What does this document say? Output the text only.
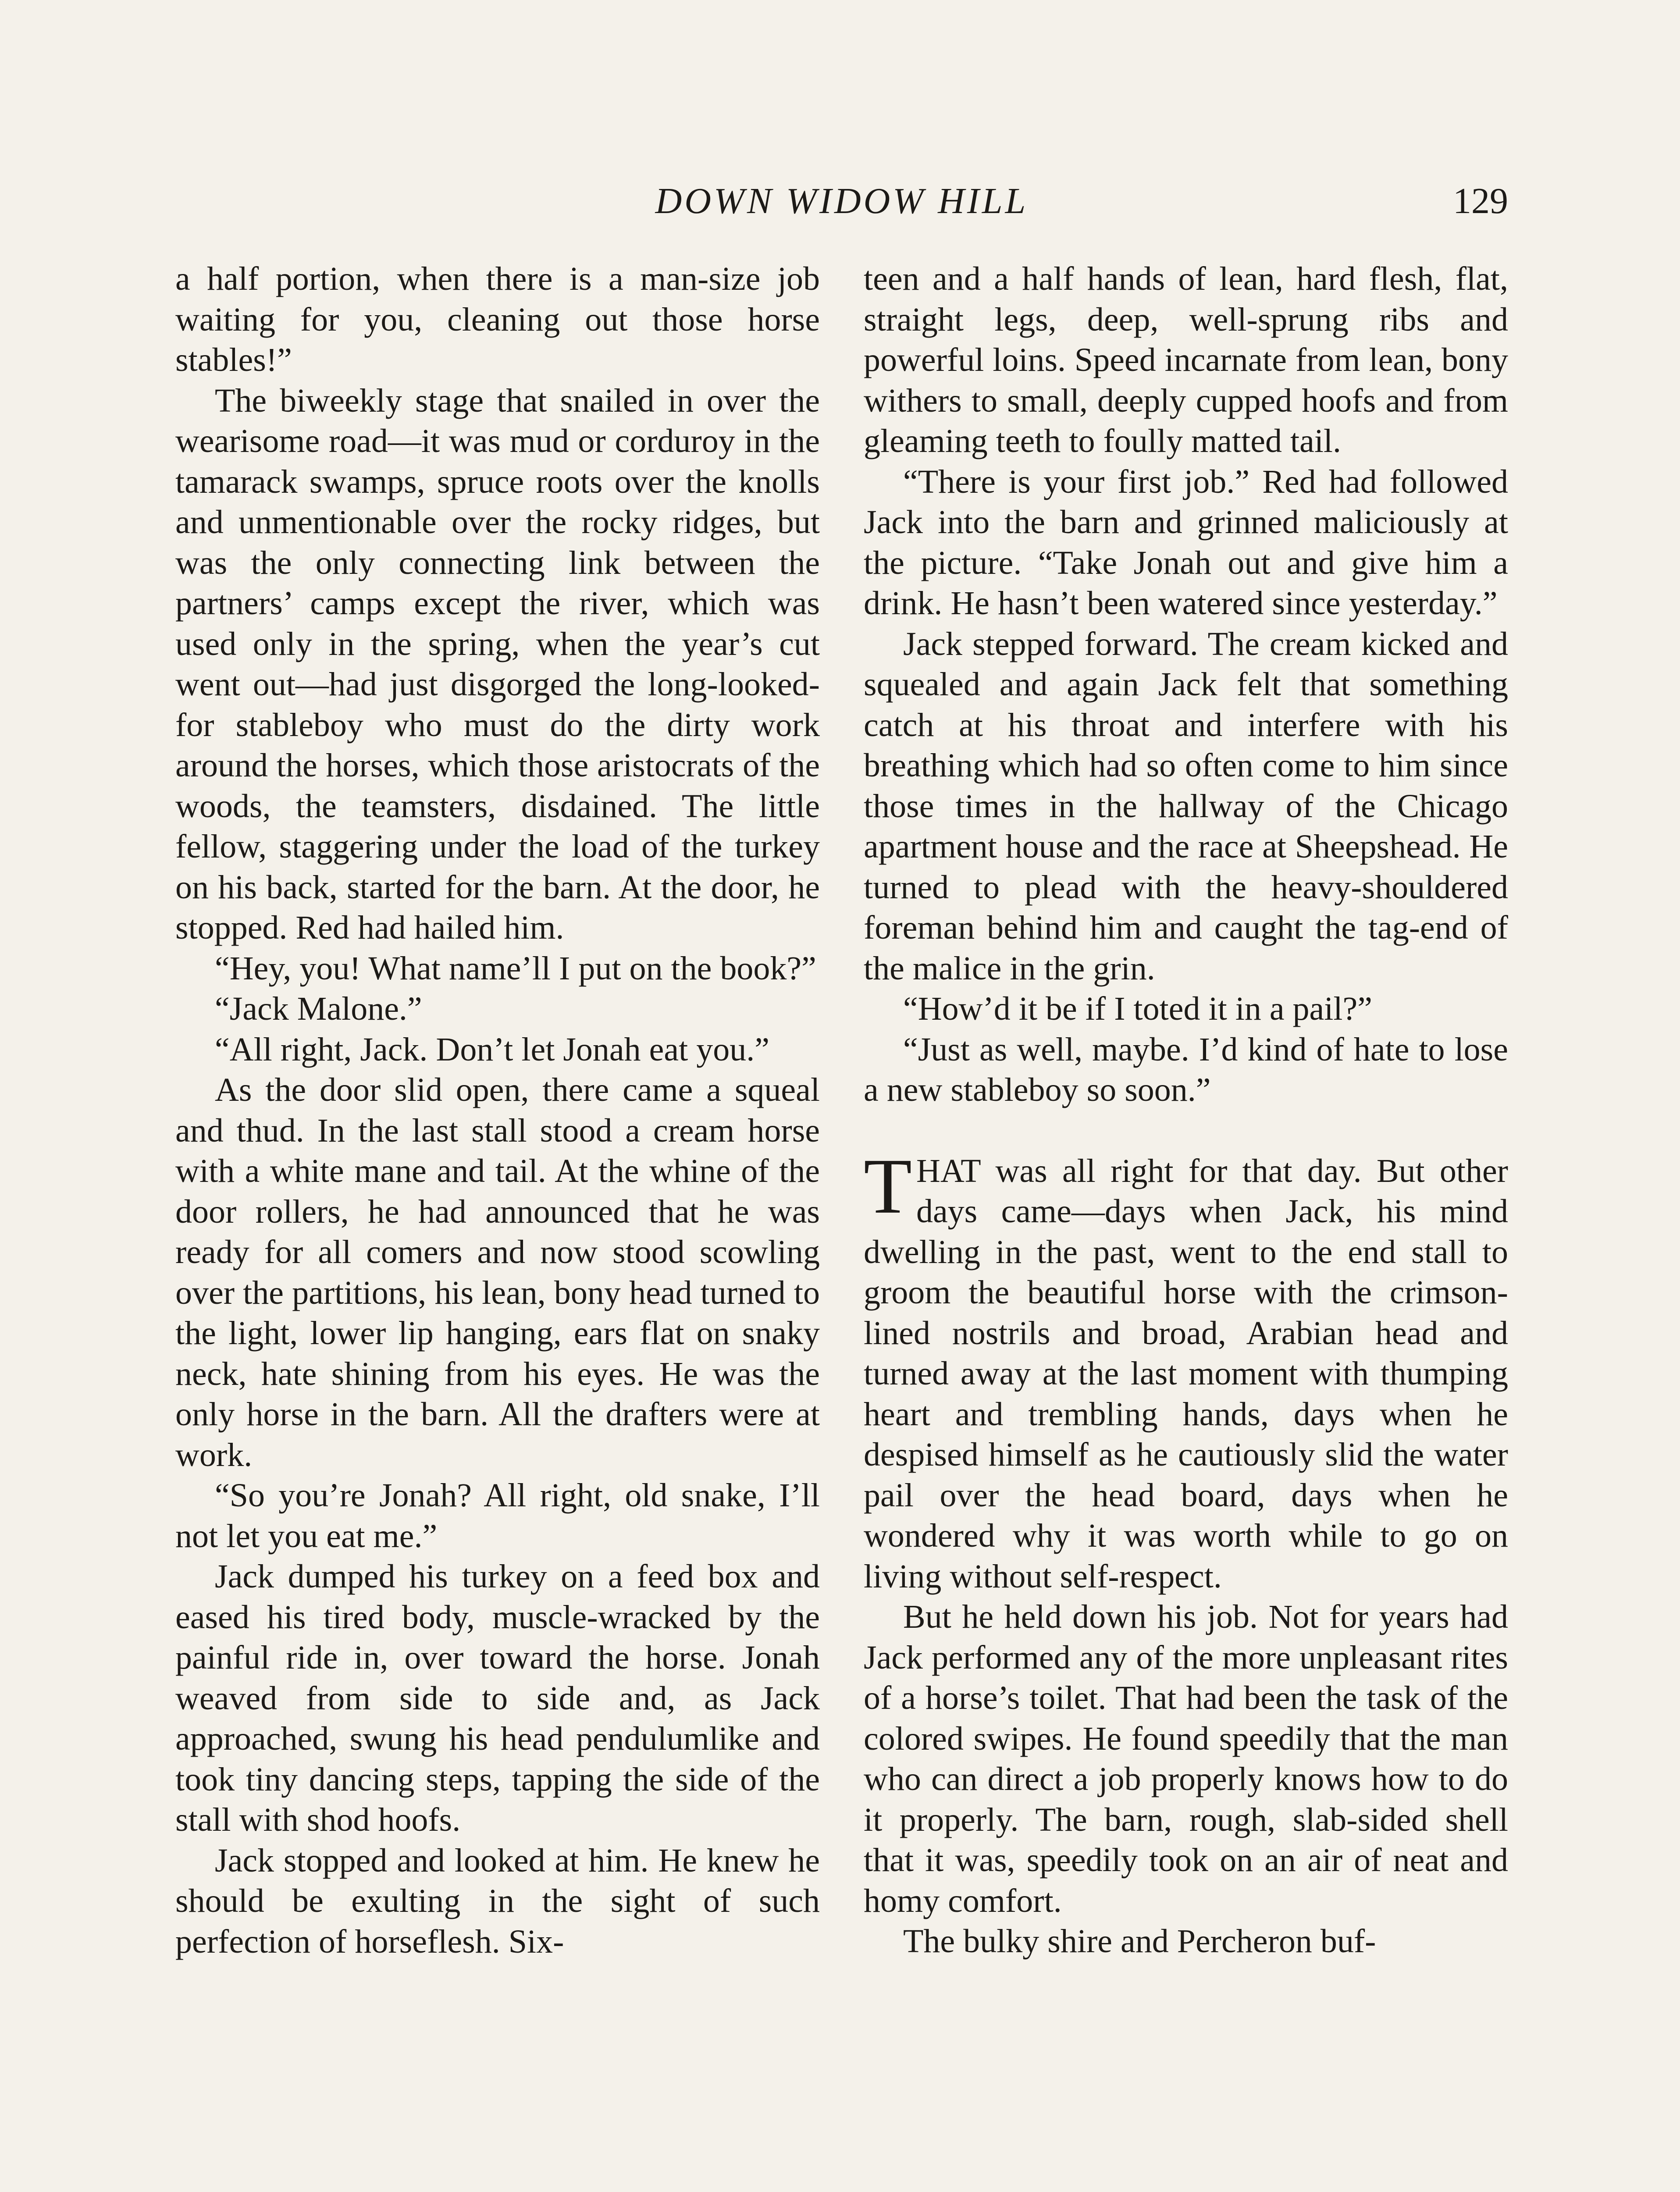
DOWN WIDOW HILL	129

a half portion, when there is a man-size job waiting for you, cleaning out those horse stables!”

The biweekly stage that snailed in over the wearisome road—it was mud or corduroy in the tamarack swamps, spruce roots over the knolls and unmentionable over the rocky ridges, but was the only connecting link between the partners’ camps except the river, which was used only in the spring, when the year’s cut went out—had just disgorged the long-looked-for stableboy who must do the dirty work around the horses, which those aristocrats of the woods, the teamsters, disdained. The little fellow, staggering under the load of the turkey on his back, started for the barn. At the door, he stopped. Red had hailed him.

“Hey, you! What name’ll I put on the book?”

“Jack Malone.”

“All right, Jack. Don’t let Jonah eat you.”

As the door slid open, there came a squeal and thud. In the last stall stood a cream horse with a white mane and tail. At the whine of the door rollers, he had announced that he was ready for all comers and now stood scowling over the partitions, his lean, bony head turned to the light, lower lip hanging, ears flat on snaky neck, hate shining from his eyes. He was the only horse in the barn. All the drafters were at work.

“So you’re Jonah? All right, old snake, I’ll not let you eat me.”

Jack dumped his turkey on a feed box and eased his tired body, muscle-wracked by the painful ride in, over toward the horse. Jonah weaved from side to side and, as Jack approached, swung his head pendulumlike and took tiny dancing steps, tapping the side of the stall with shod hoofs.

Jack stopped and looked at him. He knew he should be exulting in the sight of such perfection of horseflesh. Six-

teen and a half hands of lean, hard flesh, flat, straight legs, deep, well-sprung ribs and powerful loins. Speed incarnate from lean, bony withers to small, deeply cupped hoofs and from gleaming teeth to foully matted tail.

“There is your first job.” Red had followed Jack into the barn and grinned maliciously at the picture. “Take Jonah out and give him a drink. He hasn’t been watered since yesterday.”

Jack stepped forward. The cream kicked and squealed and again Jack felt that something catch at his throat and interfere with his breathing which had so often come to him since those times in the hallway of the Chicago apartment house and the race at Sheepshead. He turned to plead with the heavy-shouldered foreman behind him and caught the tag-end of the malice in the grin.

“How’d it be if I toted it in a pail?”

“Just as well, maybe. I’d kind of hate to lose a new stableboy so soon.”

THAT was all right for that day. But other days came—days when Jack, his mind dwelling in the past, went to the end stall to groom the beautiful horse with the crimson-lined nostrils and broad, Arabian head and turned away at the last moment with thumping heart and trembling hands, days when he despised himself as he cautiously slid the water pail over the head board, days when he wondered why it was worth while to go on living without self-respect.

But he held down his job. Not for years had Jack performed any of the more unpleasant rites of a horse’s toilet. That had been the task of the colored swipes. He found speedily that the man who can direct a job properly knows how to do it properly. The barn, rough, slab-sided shell that it was, speedily took on an air of neat and homy comfort.

The bulky shire and Percheron buf-
